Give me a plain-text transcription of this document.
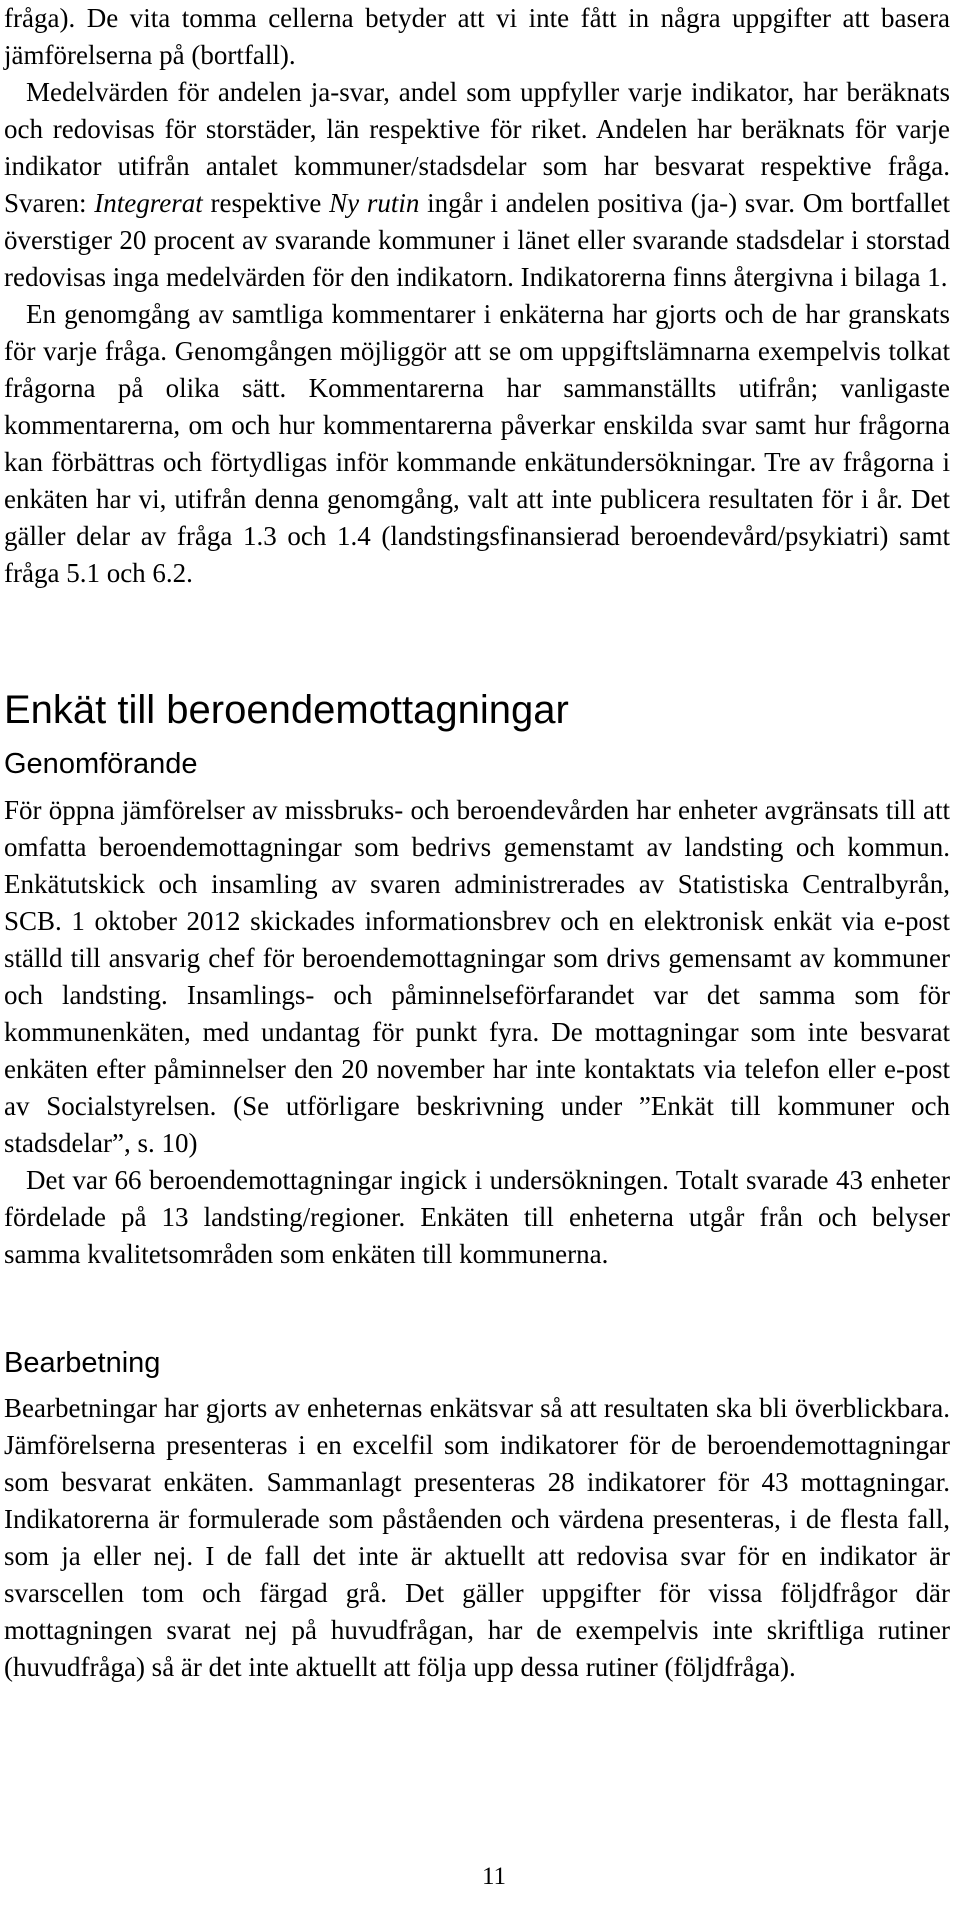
fråga). De vita tomma cellerna betyder att vi inte fått in några uppgifter att basera jämförelserna på (bortfall).

Medelvärden för andelen ja-svar, andel som uppfyller varje indikator, har beräknats och redovisas för storstäder, län respektive för riket. Andelen har beräknats för varje indikator utifrån antalet kommuner/stadsdelar som har besvarat respektive fråga. Svaren: Integrerat respektive Ny rutin ingår i andelen positiva (ja-) svar. Om bortfallet överstiger 20 procent av svarande kommuner i länet eller svarande stadsdelar i storstad redovisas inga medelvärden för den indikatorn. Indikatorerna finns återgivna i bilaga 1.

En genomgång av samtliga kommentarer i enkäterna har gjorts och de har granskats för varje fråga. Genomgången möjliggör att se om uppgiftslämnarna exempelvis tolkat frågorna på olika sätt. Kommentarerna har sammanställts utifrån; vanligaste kommentarerna, om och hur kommentarerna påverkar enskilda svar samt hur frågorna kan förbättras och förtydligas inför kommande enkätundersökningar. Tre av frågorna i enkäten har vi, utifrån denna genomgång, valt att inte publicera resultaten för i år. Det gäller delar av fråga 1.3 och 1.4 (landstingsfinansierad beroendevård/psykiatri) samt fråga 5.1 och 6.2.

Enkät till beroendemottagningar
Genomförande

För öppna jämförelser av missbruks- och beroendevården har enheter avgränsats till att omfatta beroendemottagningar som bedrivs gemenstamt av landsting och kommun. Enkätutskick och insamling av svaren administrerades av Statistiska Centralbyrån, SCB. 1 oktober 2012 skickades informationsbrev och en elektronisk enkät via e-post ställd till ansvarig chef för beroendemottagningar som drivs gemensamt av kommuner och landsting. Insamlings- och påminnelseförfarandet var det samma som för kommunenkäten, med undantag för punkt fyra. De mottagningar som inte besvarat enkäten efter påminnelser den 20 november har inte kontaktats via telefon eller e-post av Socialstyrelsen. (Se utförligare beskrivning under ”Enkät till kommuner och stadsdelar”, s. 10)

Det var 66 beroendemottagningar ingick i undersökningen. Totalt svarade 43 enheter fördelade på 13 landsting/regioner. Enkäten till enheterna utgår från och belyser samma kvalitetsområden som enkäten till kommunerna.

Bearbetning

Bearbetningar har gjorts av enheternas enkätsvar så att resultaten ska bli överblickbara. Jämförelserna presenteras i en excelfil som indikatorer för de beroendemottagningar som besvarat enkäten. Sammanlagt presenteras 28 indikatorer för 43 mottagningar. Indikatorerna är formulerade som påståenden och värdena presenteras, i de flesta fall, som ja eller nej. I de fall det inte är aktuellt att redovisa svar för en indikator är svarscellen tom och färgad grå. Det gäller uppgifter för vissa följdfrågor där mottagningen svarat nej på huvudfrågan, har de exempelvis inte skriftliga rutiner (huvudfråga) så är det inte aktuellt att följa upp dessa rutiner (följdfråga).

11
